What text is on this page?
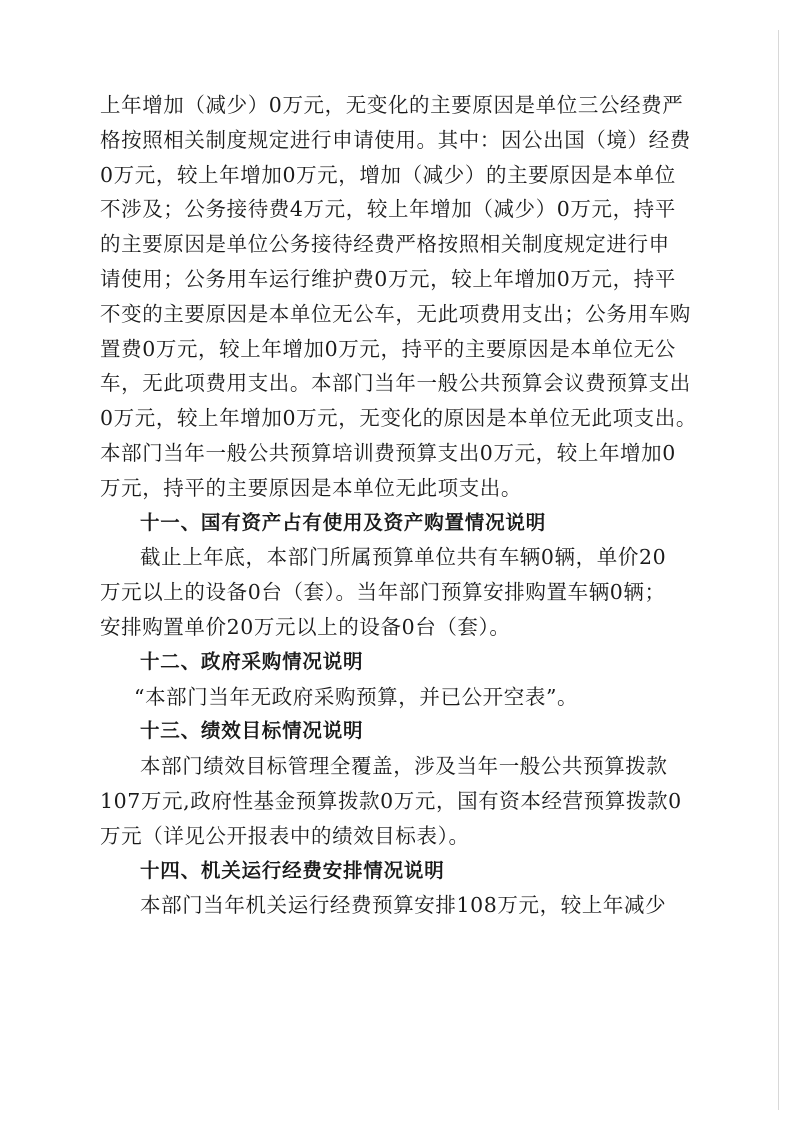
上年增加（减少）0万元，无变化的主要原因是单位三公经费严
格按照相关制度规定进行申请使用。其中：因公出国（境）经费
0万元，较上年增加0万元，增加（减少）的主要原因是本单位
不涉及；公务接待费4万元，较上年增加（减少）0万元，持平
的主要原因是单位公务接待经费严格按照相关制度规定进行申
请使用；公务用车运行维护费0万元，较上年增加0万元，持平
不变的主要原因是本单位无公车，无此项费用支出；公务用车购
置费0万元，较上年增加0万元，持平的主要原因是本单位无公
车，无此项费用支出。本部门当年一般公共预算会议费预算支出
0万元，较上年增加0万元，无变化的原因是本单位无此项支出。
本部门当年一般公共预算培训费预算支出0万元，较上年增加0
万元，持平的主要原因是本单位无此项支出。
十一、国有资产占有使用及资产购置情况说明
截止上年底，本部门所属预算单位共有车辆0辆，单价20
万元以上的设备0台（套）。当年部门预算安排购置车辆0辆；
安排购置单价20万元以上的设备0台（套）。
十二、政府采购情况说明
“本部门当年无政府采购预算，并已公开空表”。
十三、绩效目标情况说明
本部门绩效目标管理全覆盖，涉及当年一般公共预算拨款
107万元,政府性基金预算拨款0万元，国有资本经营预算拨款0
万元（详见公开报表中的绩效目标表）。
十四、机关运行经费安排情况说明
本部门当年机关运行经费预算安排108万元，较上年减少
